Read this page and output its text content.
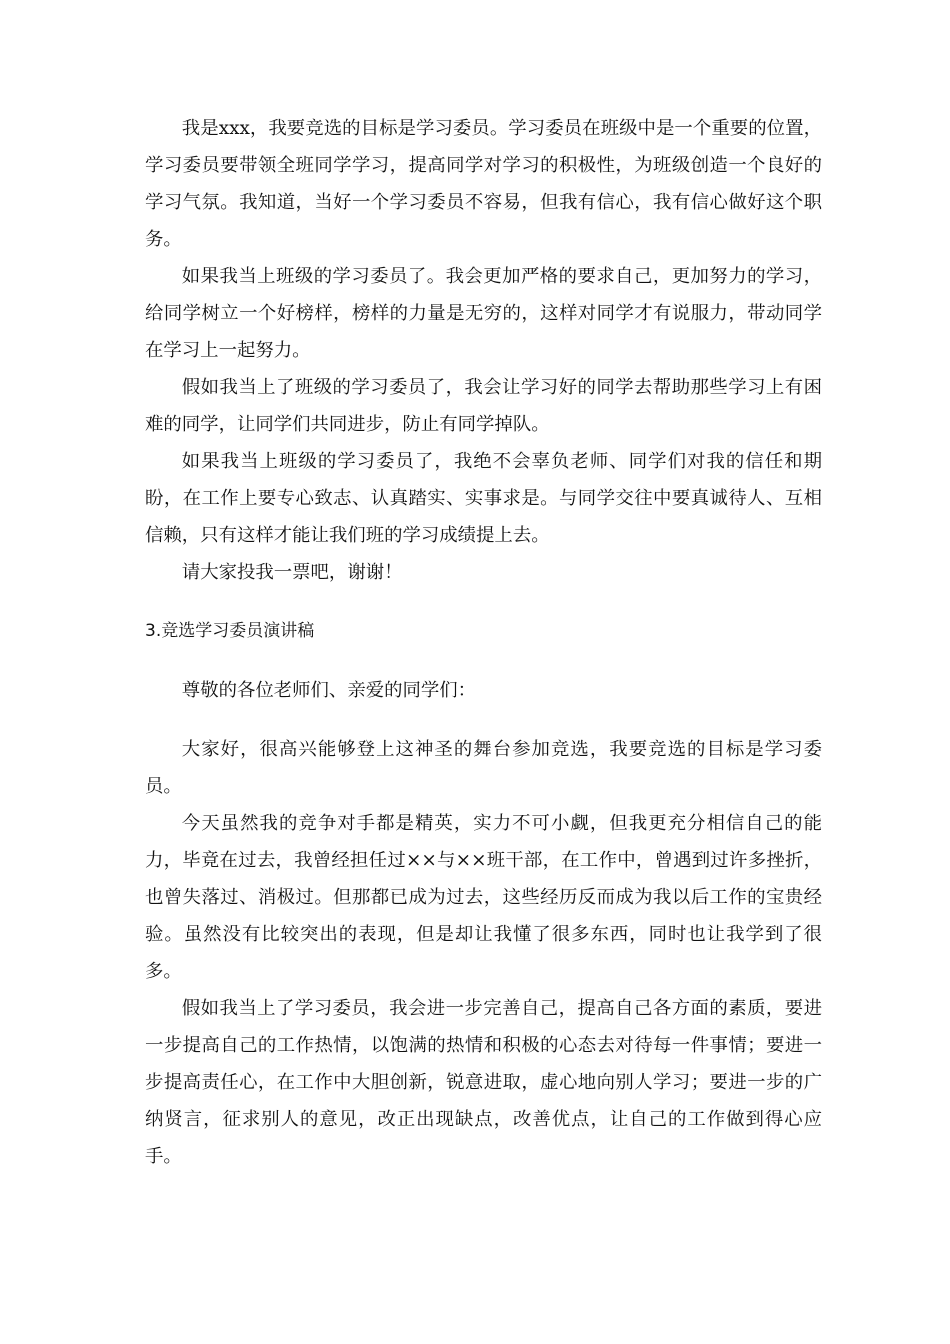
我是xxx，我要竞选的目标是学习委员。学习委员在班级中是一个重要的位置，学习委员要带领全班同学学习，提高同学对学习的积极性，为班级创造一个良好的学习气氛。我知道，当好一个学习委员不容易，但我有信心，我有信心做好这个职务。

如果我当上班级的学习委员了。我会更加严格的要求自己，更加努力的学习，给同学树立一个好榜样，榜样的力量是无穷的，这样对同学才有说服力，带动同学在学习上一起努力。

假如我当上了班级的学习委员了，我会让学习好的同学去帮助那些学习上有困难的同学，让同学们共同进步，防止有同学掉队。

如果我当上班级的学习委员了，我绝不会辜负老师、同学们对我的信任和期盼，在工作上要专心致志、认真踏实、实事求是。与同学交往中要真诚待人、互相信赖，只有这样才能让我们班的学习成绩提上去。

请大家投我一票吧，谢谢！

3.竞选学习委员演讲稿

尊敬的各位老师们、亲爱的同学们：

大家好，很高兴能够登上这神圣的舞台参加竞选，我要竞选的目标是学习委员。

今天虽然我的竞争对手都是精英，实力不可小觑，但我更充分相信自己的能力，毕竟在过去，我曾经担任过××与××班干部，在工作中，曾遇到过许多挫折，也曾失落过、消极过。但那都已成为过去，这些经历反而成为我以后工作的宝贵经验。虽然没有比较突出的表现，但是却让我懂了很多东西，同时也让我学到了很多。

假如我当上了学习委员，我会进一步完善自己，提高自己各方面的素质，要进一步提高自己的工作热情，以饱满的热情和积极的心态去对待每一件事情；要进一步提高责任心，在工作中大胆创新，锐意进取，虚心地向别人学习；要进一步的广纳贤言，征求别人的意见，改正出现缺点，改善优点，让自己的工作做到得心应手。
